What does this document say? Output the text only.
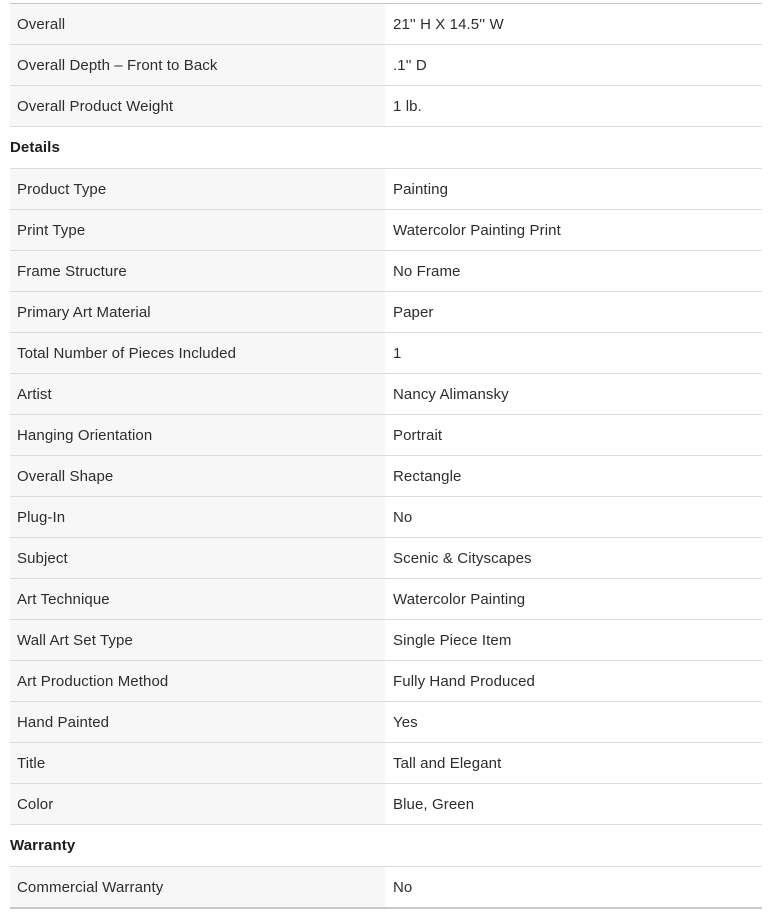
Overall	21'' H X 14.5'' W
Overall Depth – Front to Back	.1'' D
Overall Product Weight	1 lb.
Details
Product Type	Painting
Print Type	Watercolor Painting Print
Frame Structure	No Frame
Primary Art Material	Paper
Total Number of Pieces Included	1
Artist	Nancy Alimansky
Hanging Orientation	Portrait
Overall Shape	Rectangle
Plug-In	No
Subject	Scenic & Cityscapes
Art Technique	Watercolor Painting
Wall Art Set Type	Single Piece Item
Art Production Method	Fully Hand Produced
Hand Painted	Yes
Title	Tall and Elegant
Color	Blue, Green
Warranty
Commercial Warranty	No
